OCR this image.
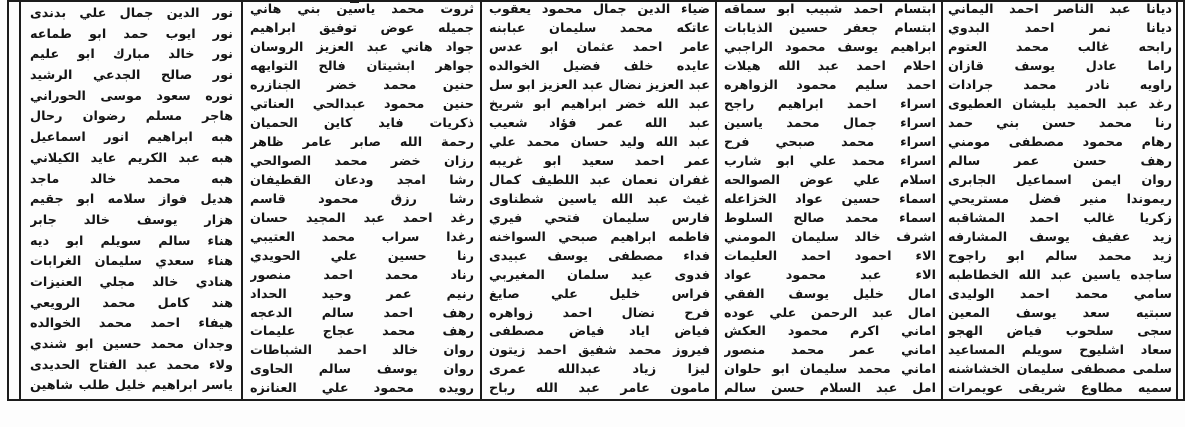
نور الدين جمال علي بدندى
نور ايوب حمد ابو طماعه
نور خالد مبارك ابو عليم
نور صالح الجدعي الرشيد
نوره سعود موسى الحوراني
هاجر مسلم رضوان رحال
هبه ابراهيم انور اسماعيل
هبه عبد الكريم عايد الكيلاني
هبه محمد خالد ماجد
هديل فواز سلامه ابو جقيم
هزار يوسف خالد جابر
هناء سالم سويلم ابو ديه
هناء سعدي سليمان الغرابات
هنادي خالد مجلي العنيزات
هند كامل محمد الرويعي
هيفاء احمد محمد الخوالده
وجدان محمد حسين ابو شندي
ولاء محمد عبد الفتاح الحديدى
ياسر ابراهيم خليل طلب شاهين
ثروت محمد ياسين بني هاني
جميله عوض توفيق ابراهيم
جواد هاني عبد العزيز الروسان
جواهر ابشيتان فالح التوايهه
حنين محمد خضر الجنازره
حنين محمود عبدالحي العناتي
ذكريات فايد كاين الحميان
رحمة الله صابر عامر ظاهر
رزان خضر محمد الصوالحي
رشا امجد ودعان القطيفان
رشا رزق محمود قاسم
رغد احمد عبد المجيد حسان
رغدا سراب محمد العتيبي
رنا حسين علي الحويدي
رناد محمد احمد منصور
رنيم عمر وحيد الحداد
رهف احمد سالم الدعجه
رهف محمد عجاج عليمات
روان خالد احمد الشباطات
روان يوسف سالم الحاوى
رويده محمود علي العنانزه
ضياء الدين جمال محمود يعقوب
عاتكه محمد سليمان عبابنه
عامر احمد عثمان ابو عدس
عايده خلف فضيل الخوالده
عبد العزيز نضال عبد العزيز ابو سل
عبد الله خضر ابراهيم ابو شريخ
عبد الله عمر فؤاد شعيب
عبد الله وليد حسان محمد علي
عمر احمد سعيد ابو غريبه
غفران نعمان عبد اللطيف كمال
غيث عبد الله ياسين شطناوى
فارس سليمان فتحي فيري
فاطمه ابراهيم صبحي السواخنه
فداء مصطفى يوسف عبيدى
فدوى عيد سلمان المغيربي
فراس خليل علي صايغ
فرح نضال احمد زواهره
فياض اياد فياض مصطفى
فيروز محمد شفيق احمد زيتون
ليزا زياد عبدالله عمرى
مأمون عامر عبد الله رباح
ابتسام احمد شبيب ابو سماقه
ابتسام جعفر حسين الذيابات
ابراهيم يوسف محمود الراجبي
احلام احمد عبد الله هيلات
احمد سليم محمود الزواهره
اسراء احمد ابراهيم راجح
اسراء جمال محمد ياسين
اسراء محمد صبحي فرح
اسراء محمد علي ابو شارب
اسلام علي عوض الصوالحه
اسماء حسين عواد الخزاعله
اسماء محمد صالح السلوط
اشرف خالد سليمان المومني
الاء احمود احمد العليمات
الاء عبد محمود عواد
امال خليل يوسف الفقي
امال عبد الرحمن علي عوده
اماني اكرم محمود العكش
اماني عمر محمد منصور
اماني محمد سليمان ابو حلوان
امل عبد السلام حسن سالم
ديانا عبد الناصر احمد اليماني
ديانا نمر احمد البدوي
رابحه غالب محمد العتوم
راما عادل يوسف قازان
راويه نادر محمد جرادات
رغد عبد الحميد بليشان العطيوى
رنا محمد حسن بني حمد
رهام محمود مصطفى مومني
رهف حسن عمر سالم
روان ايمن اسماعيل الجابرى
ريموندا منير فضل مستريحي
زكريا غالب احمد المشاقبه
زيد عفيف يوسف المشارفه
زيد محمد سالم ابو راجوح
ساجده ياسين عبد الله الخطاطبه
سامي محمد احمد الوليدى
سبتيه سعد يوسف المعين
سجى سلحوب فياض الهجو
سعاد اشليوح سويلم المساعيد
سلمى مصطفى سليمان الخشاشنه
سميه مطاوع شريقى عويمرات
